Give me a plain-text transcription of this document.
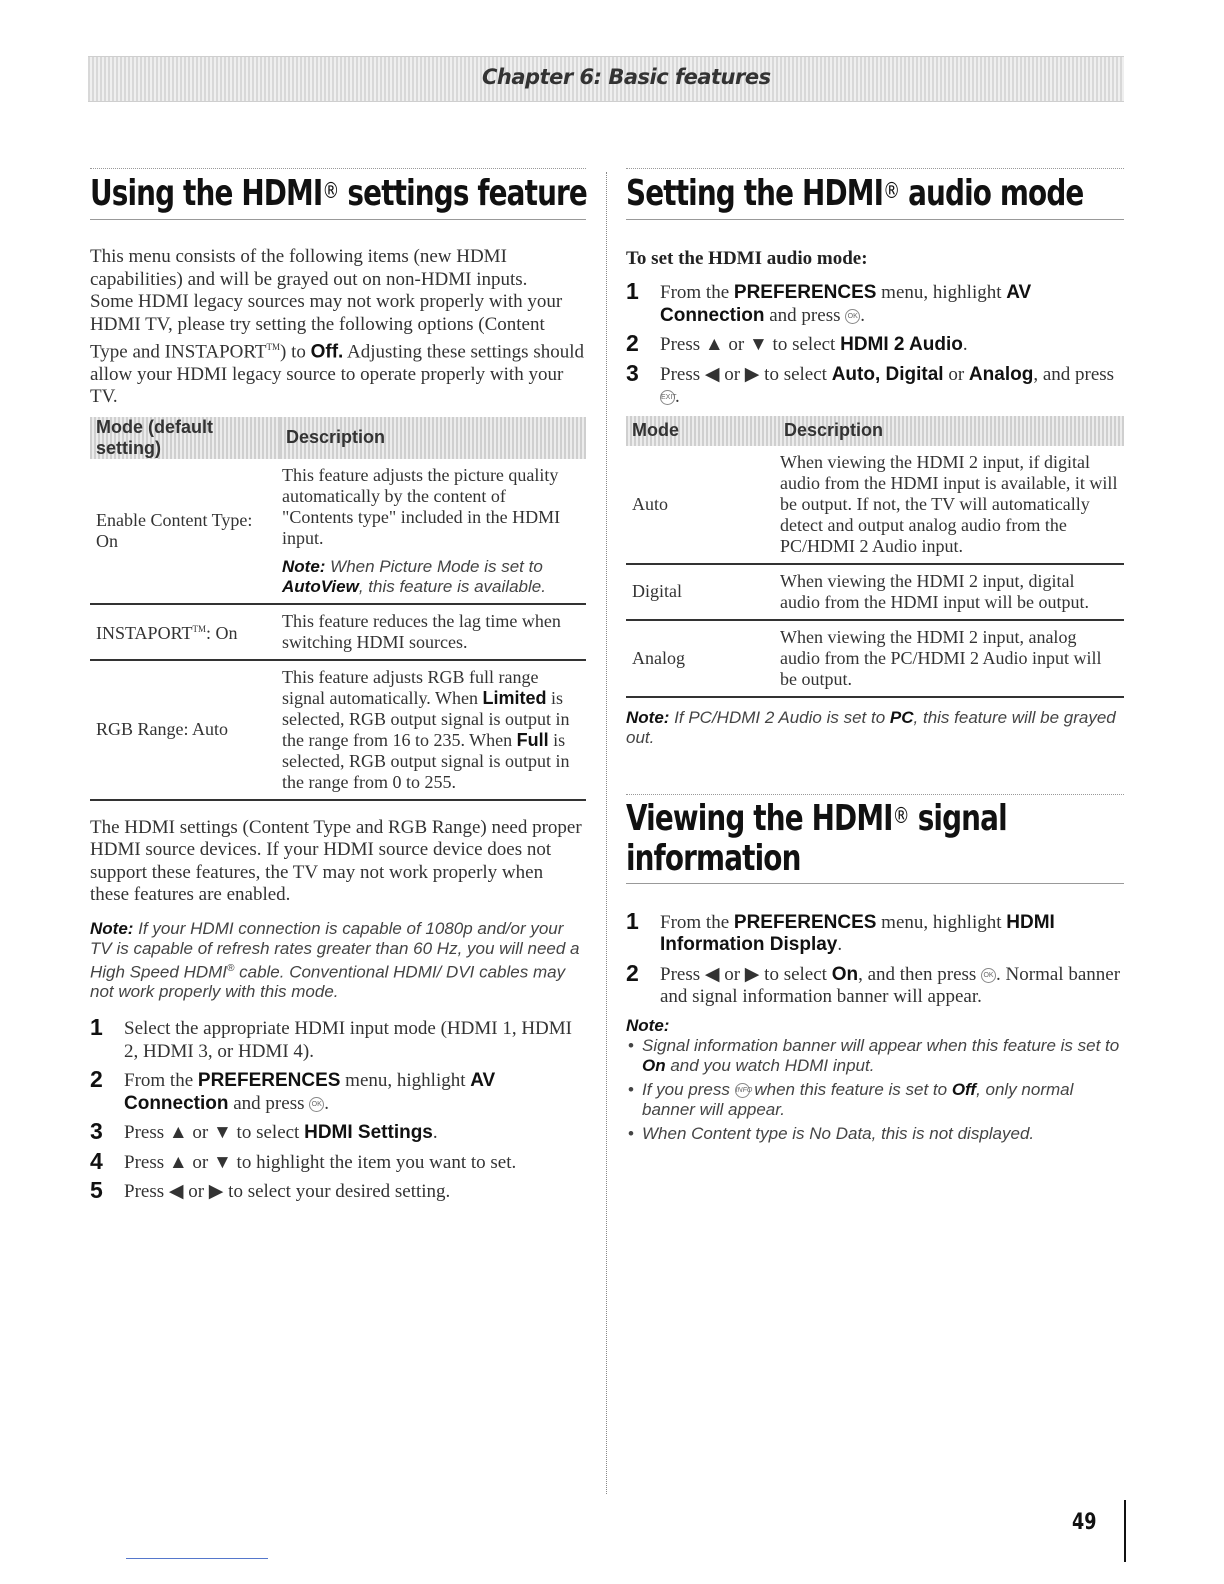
Chapter 6: Basic features
Using the HDMI® settings feature

This menu consists of the following items (new HDMI capabilities) and will be grayed out on non-HDMI inputs.

Some HDMI legacy sources may not work properly with your HDMI TV, please try setting the following options (Content Type and INSTAPORT™) to Off. Adjusting these settings should allow your HDMI legacy source to operate properly with your TV.

Mode (default setting)	Description
Enable Content Type: On	This feature adjusts the picture quality automatically by the content of "Contents type" included in the HDMI input.
Note: When Picture Mode is set to AutoView, this feature is available.

INSTAPORT™: On	This feature reduces the lag time when switching HDMI sources.
RGB Range: Auto	This feature adjusts RGB full range signal automatically. When Limited is selected, RGB output signal is output in the range from 16 to 235. When Full is selected, RGB output signal is output in the range from 0 to 255.

The HDMI settings (Content Type and RGB Range) need proper HDMI source devices. If your HDMI source device does not support these features, the TV may not work properly when these features are enabled.

Note: If your HDMI connection is capable of 1080p and/or your TV is capable of refresh rates greater than 60 Hz, you will need a High Speed HDMI® cable. Conventional HDMI/ DVI cables may not work properly with this mode.
1 Select the appropriate HDMI input mode (HDMI 1, HDMI 2, HDMI 3, or HDMI 4).
2 From the PREFERENCES menu, highlight AV Connection and press OK .
3 Press ▲ or ▼ to select HDMI Settings.
4 Press ▲ or ▼ to highlight the item you want to set.
5 Press ◀ or ▶ to select your desired setting.
Setting the HDMI® audio mode
To set the HDMI audio mode:
1 From the PREFERENCES menu, highlight AV Connection and press OK .
2 Press ▲ or ▼ to select HDMI 2 Audio.
3 Press ◀ or ▶ to select Auto, Digital or Analog, and press EXIT.
Mode	Description
Auto	When viewing the HDMI 2 input, if digital audio from the HDMI input is available, it will be output. If not, the TV will automatically detect and output analog audio from the PC/HDMI 2 Audio input.
Digital	When viewing the HDMI 2 input, digital audio from the HDMI input will be output.
Analog	When viewing the HDMI 2 input, analog audio from the PC/HDMI 2 Audio input will be output.
Note: If PC/HDMI 2 Audio is set to PC, this feature will be grayed out.
Viewing the HDMI® signal information
1 From the PREFERENCES menu, highlight HDMI Information Display.
2 Press ◀ or ▶ to select On, and then press OK . Normal banner and signal information banner will appear.
Note:
• Signal information banner will appear when this feature is set to On and you watch HDMI input.
• If you press INFO when this feature is set to Off, only normal banner will appear.
• When Content type is No Data, this is not displayed.
49
